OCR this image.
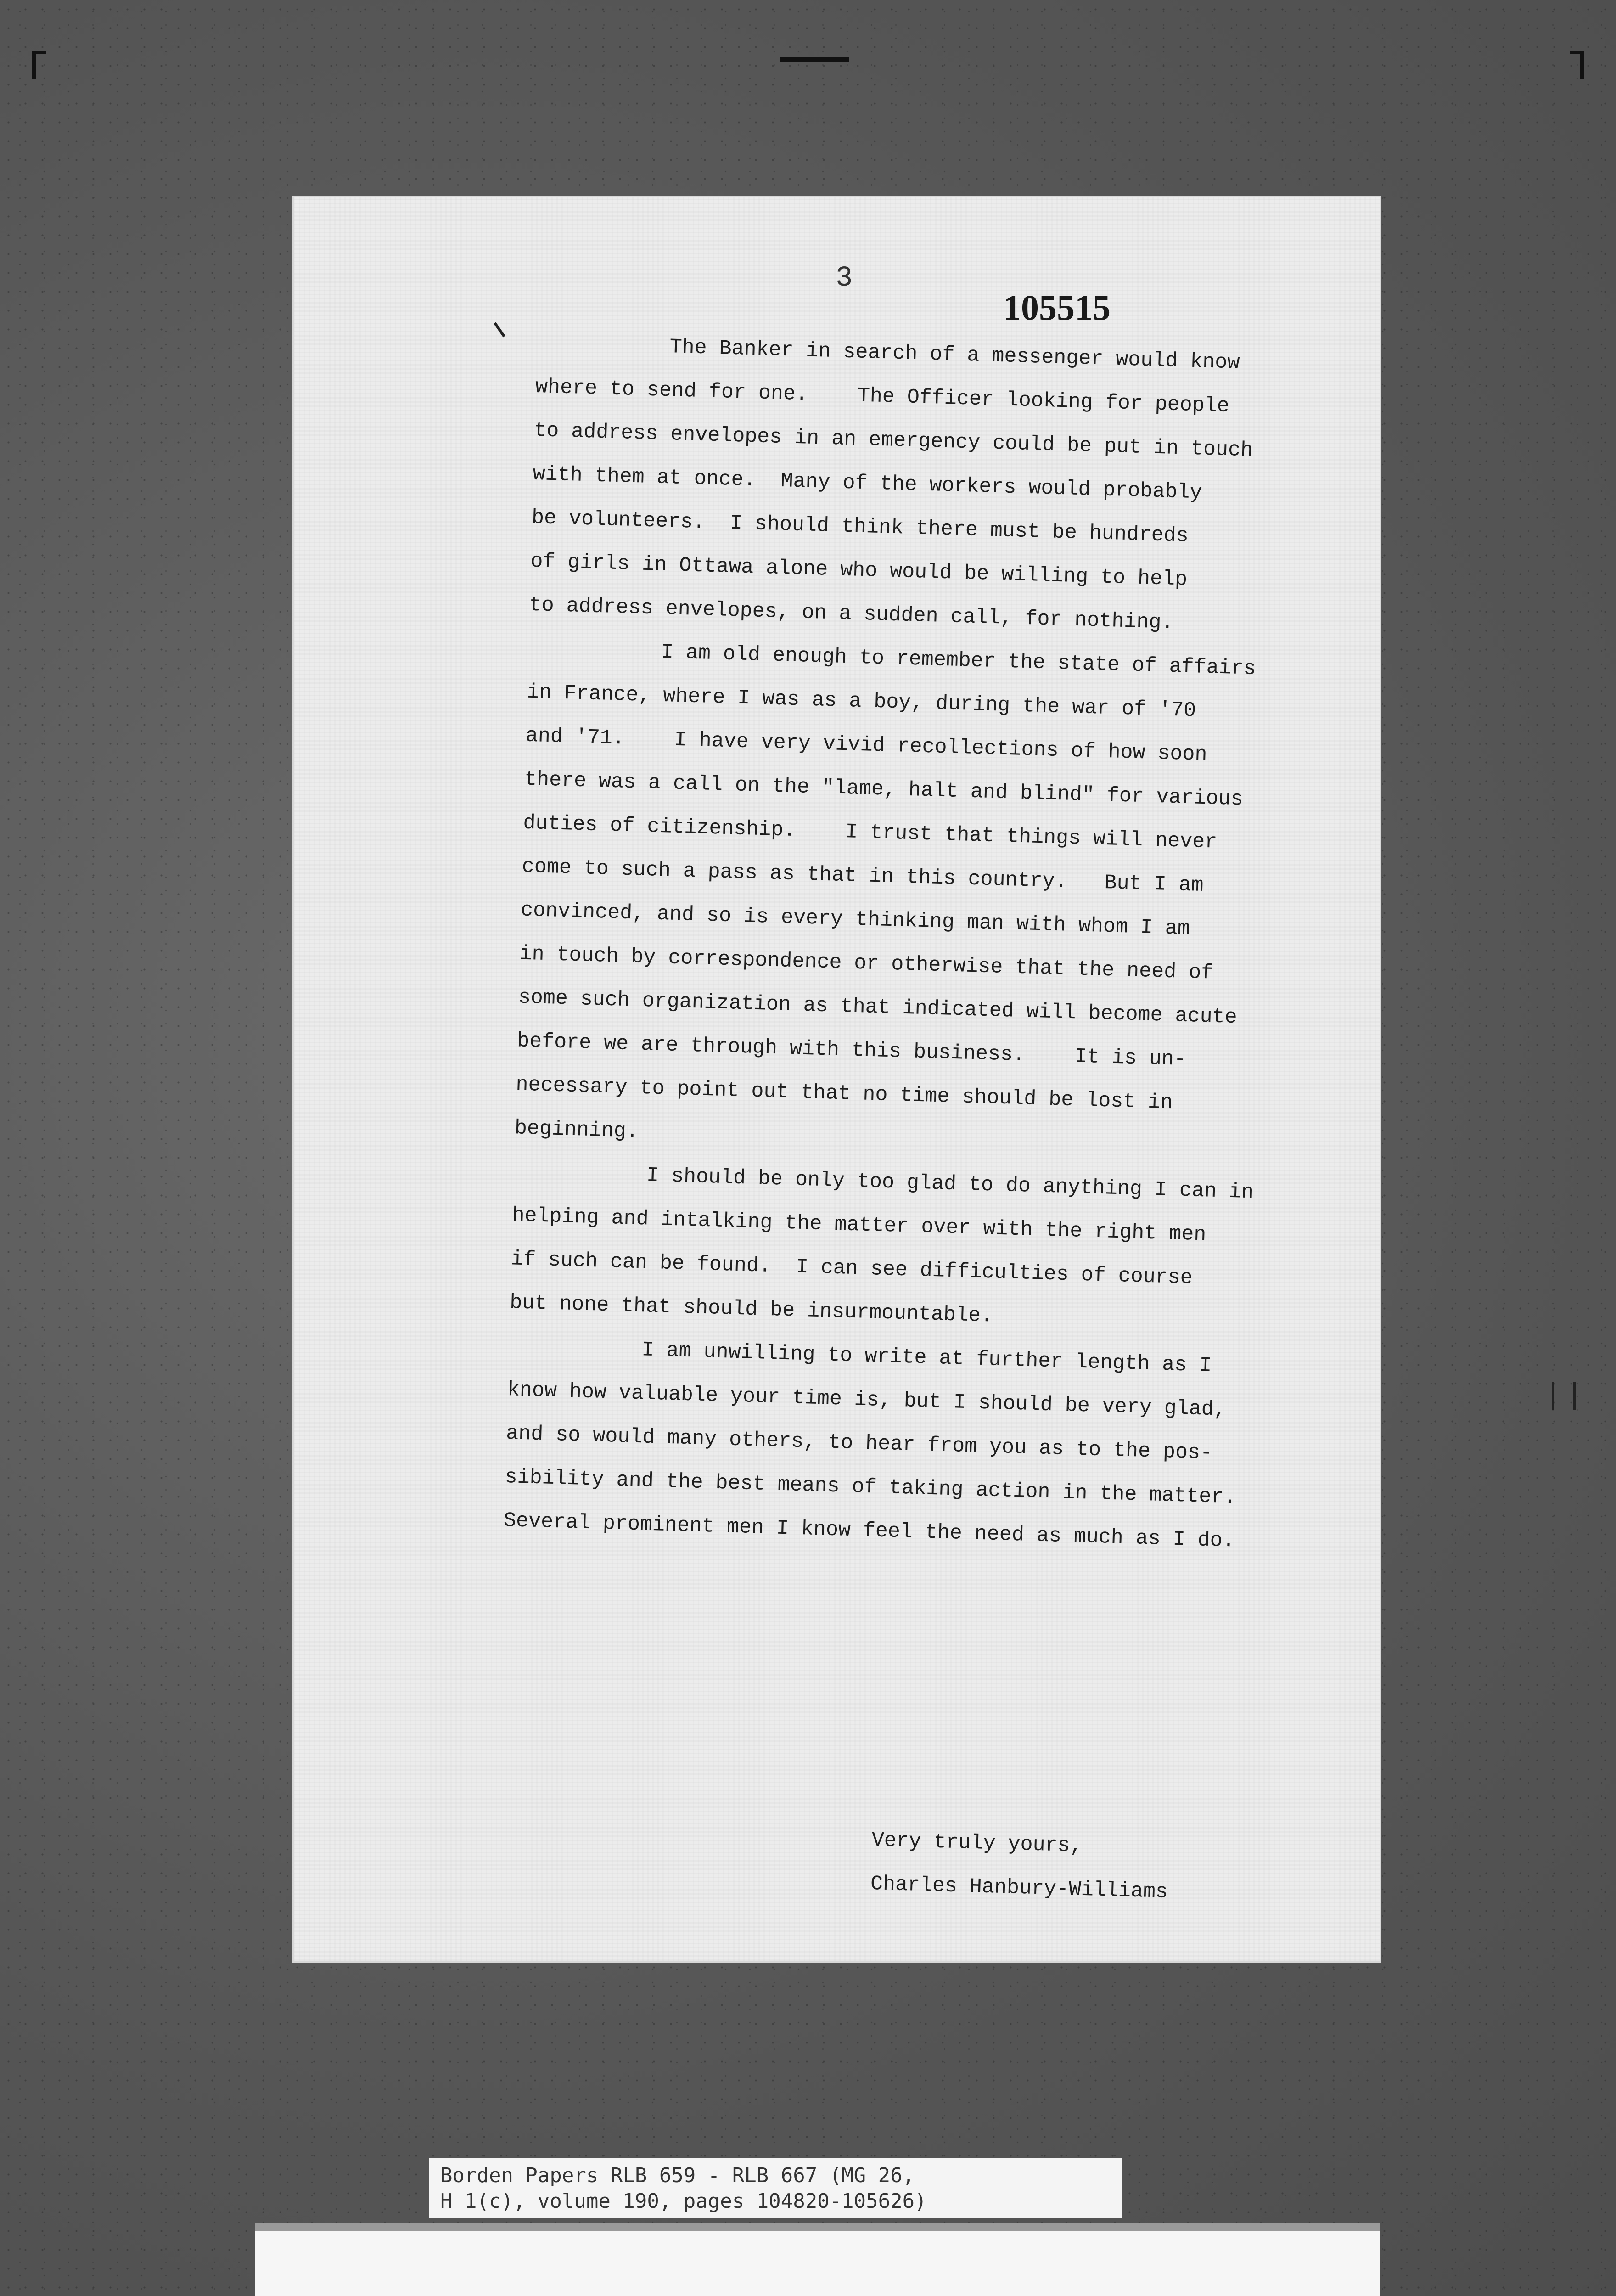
3
105515

The Banker in search of a messenger would know
where to send for one.    The Officer looking for people
to address envelopes in an emergency could be put in touch
with them at once.  Many of the workers would probably
be volunteers.  I should think there must be hundreds
of girls in Ottawa alone who would be willing to help
to address envelopes, on a sudden call, for nothing.

I am old enough to remember the state of affairs
in France, where I was as a boy, during the war of '70
and '71.    I have very vivid recollections of how soon
there was a call on the "lame, halt and blind" for various
duties of citizenship.    I trust that things will never
come to such a pass as that in this country.   But I am
convinced, and so is every thinking man with whom I am
in touch by correspondence or otherwise that the need of
some such organization as that indicated will become acute
before we are through with this business.    It is un-
necessary to point out that no time should be lost in
beginning.

I should be only too glad to do anything I can in
helping and intalking the matter over with the right men
if such can be found.  I can see difficulties of course
but none that should be insurmountable.

I am unwilling to write at further length as I
know how valuable your time is, but I should be very glad,
and so would many others, to hear from you as to the pos-
sibility and the best means of taking action in the matter.
Several prominent men I know feel the need as much as I do.

Very truly yours,
Charles Hanbury-Williams
Borden Papers RLB 659 - RLB 667 (MG 26,
H 1(c), volume 190, pages 104820-105626)
